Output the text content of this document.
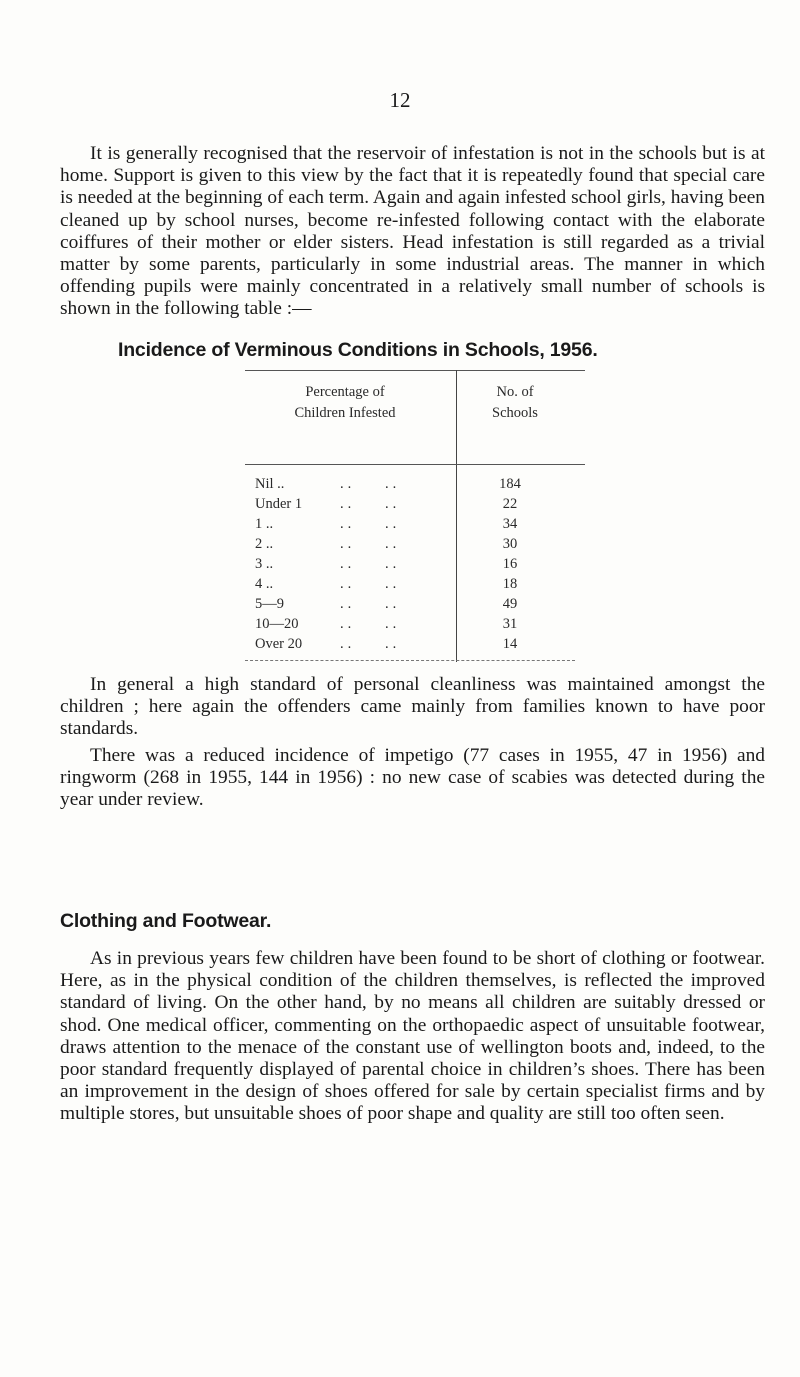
12

It is generally recognised that the reservoir of infestation is not in the schools but is at home. Support is given to this view by the fact that it is repeatedly found that special care is needed at the beginning of each term. Again and again infested school girls, having been cleaned up by school nurses, become re-infested following contact with the elaborate coiffures of their mother or elder sisters. Head infestation is still regarded as a trivial matter by some parents, particularly in some industrial areas. The manner in which offending pupils were mainly concentrated in a relatively small number of schools is shown in the following table :—

Incidence of Verminous Conditions in Schools, 1956.
Percentage of
Children Infested
No. of
Schools
Nil ..	.. ..	184
Under 1	.. ..	22
1 ..	.. ..	34
2 ..	.. ..	30
3 ..	.. ..	16
4 ..	.. ..	18
5—9	.. ..	49
10—20	.. ..	31
Over 20	.. ..	14

In general a high standard of personal cleanliness was maintained amongst the children ; here again the offenders came mainly from families known to have poor standards.

There was a reduced incidence of impetigo (77 cases in 1955, 47 in 1956) and ringworm (268 in 1955, 144 in 1956) : no new case of scabies was detected during the year under review.

Clothing and Footwear.

As in previous years few children have been found to be short of clothing or footwear. Here, as in the physical condition of the children themselves, is reflected the improved standard of living. On the other hand, by no means all children are suitably dressed or shod. One medical officer, commenting on the orthopaedic aspect of unsuitable footwear, draws attention to the menace of the constant use of wellington boots and, indeed, to the poor standard frequently displayed of parental choice in children’s shoes. There has been an improvement in the design of shoes offered for sale by certain specialist firms and by multiple stores, but unsuitable shoes of poor shape and quality are still too often seen.
